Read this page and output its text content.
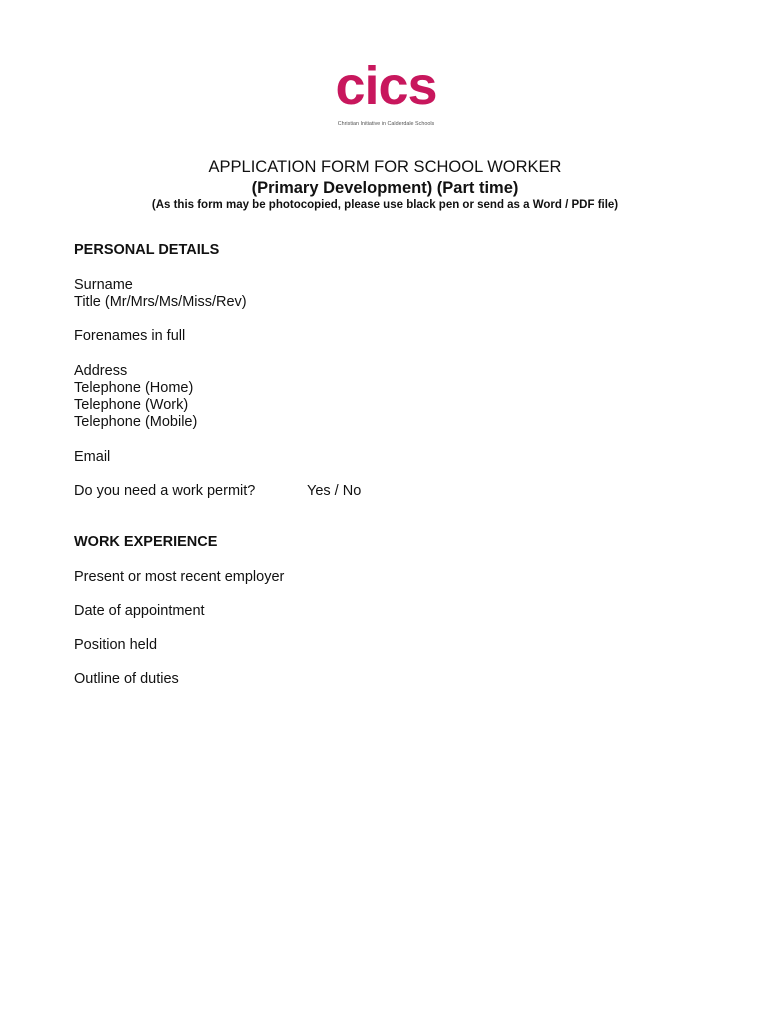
cics
Christian Initiative in Calderdale Schools
APPLICATION FORM FOR SCHOOL WORKER
(Primary Development) (Part time)
(As this form may be photocopied, please use black pen or send as a Word / PDF file)
PERSONAL DETAILS
Surname
Title (Mr/Mrs/Ms/Miss/Rev)
Forenames in full
Address
Telephone (Home)
Telephone (Work)
Telephone (Mobile)
Email
Do you need a work permit?	Yes / No
WORK EXPERIENCE
Present or most recent employer
Date of appointment
Position held
Outline of duties
